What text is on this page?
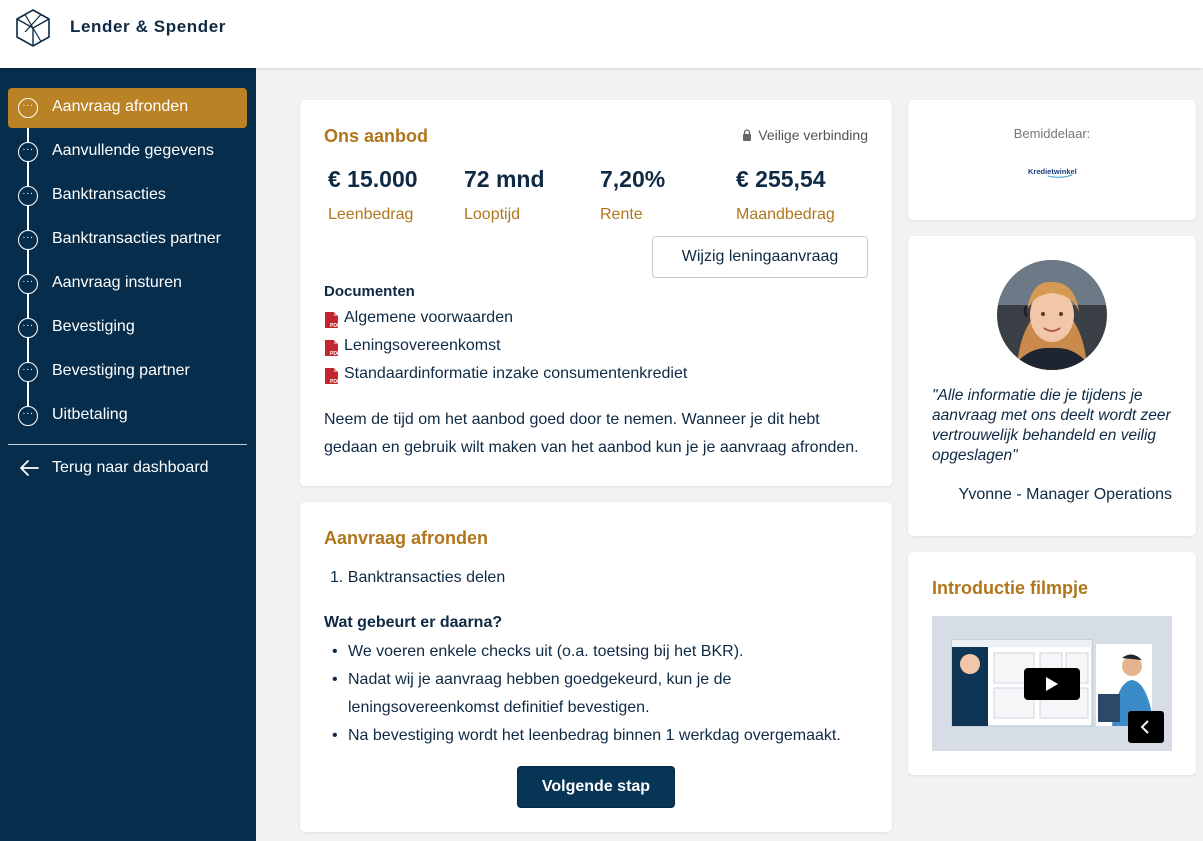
Lender & Spender
··· Aanvraag afronden
··· Aanvullende gegevens
··· Banktransacties
··· Banktransacties partner
··· Aanvraag insturen
··· Bevestiging
··· Bevestiging partner
··· Uitbetaling
Terug naar dashboard
Ons aanbod	Veilige verbinding
€ 15.000
Leenbedrag
72 mnd
Looptijd
7,20%
Rente
€ 255,54
Maandbedrag
Wijzig leningaanvraag
Documenten
PDF Algemene voorwaarden
PDF Leningsovereenkomst
PDF Standaardinformatie inzake consumentenkrediet
Neem de tijd om het aanbod goed door te nemen. Wanneer je dit hebt gedaan en gebruik wilt maken van het aanbod kun je je aanvraag afronden.
Aanvraag afronden
1. Banktransacties delen
Wat gebeurt er daarna?
• We voeren enkele checks uit (o.a. toetsing bij het BKR).
• Nadat wij je aanvraag hebben goedgekeurd, kun je de leningsovereenkomst definitief bevestigen.
• Na bevestiging wordt het leenbedrag binnen 1 werkdag overgemaakt.
Volgende stap
Bemiddelaar:
Kredietwinkel
"Alle informatie die je tijdens je aanvraag met ons deelt wordt zeer vertrouwelijk behandeld en veilig opgeslagen"
Yvonne - Manager Operations
Introductie filmpje
